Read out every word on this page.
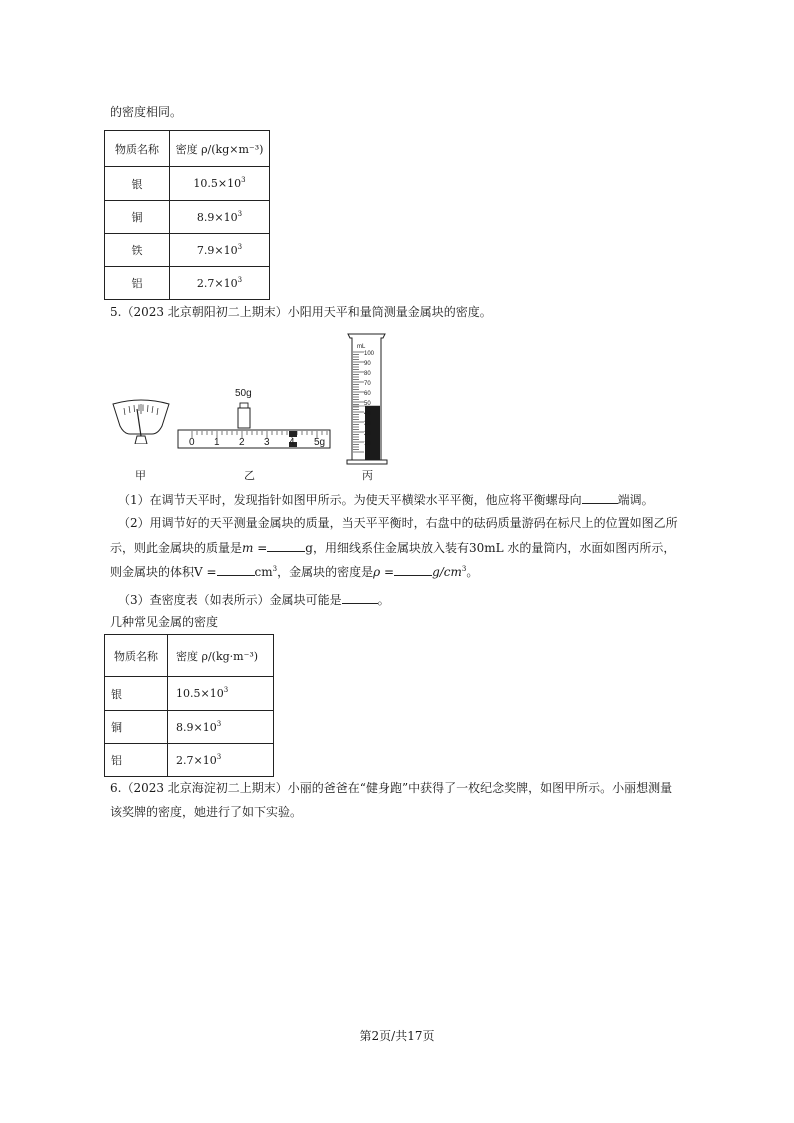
的密度相同。
物质名称	密度 ρ/(kg×m⁻³)
银	$10.5\times 10^3$
铜	$8.9\times 10^3$
铁	$7.9\times 10^3$
铝	$2.7\times 10^3$
5.（2023 北京朝阳初二上期末）小阳用天平和量筒测量金属块的密度。
甲
50g
0 1 2 3 4 5g
乙
mL
100
90
80
70
60
50
40
30
20
10
丙
（1）在调节天平时，发现指针如图甲所示。为使天平横梁水平平衡，他应将平衡螺母向	端调。
（2）用调节好的天平测量金属块的质量，当天平平衡时，右盘中的砝码质量游码在标尺上的位置如图乙所
示，则此金属块的质量是m =	g，用细线系住金属块放入装有30mL 水的量筒内，水面如图丙所示，
则金属块的体积V =	$cm^3$，金属块的密度是ρ =	$g/cm^3$。
（3）查密度表（如表所示）金属块可能是	。
几种常见金属的密度
物质名称	密度 ρ/(kg·m⁻³)
银	$10.5\times 10^3$
铜	$8.9\times 10^3$
铝	$2.7\times 10^3$
6.（2023 北京海淀初二上期末）小丽的爸爸在“健身跑”中获得了一枚纪念奖牌，如图甲所示。小丽想测量
该奖牌的密度，她进行了如下实验。
第2页/共17页
